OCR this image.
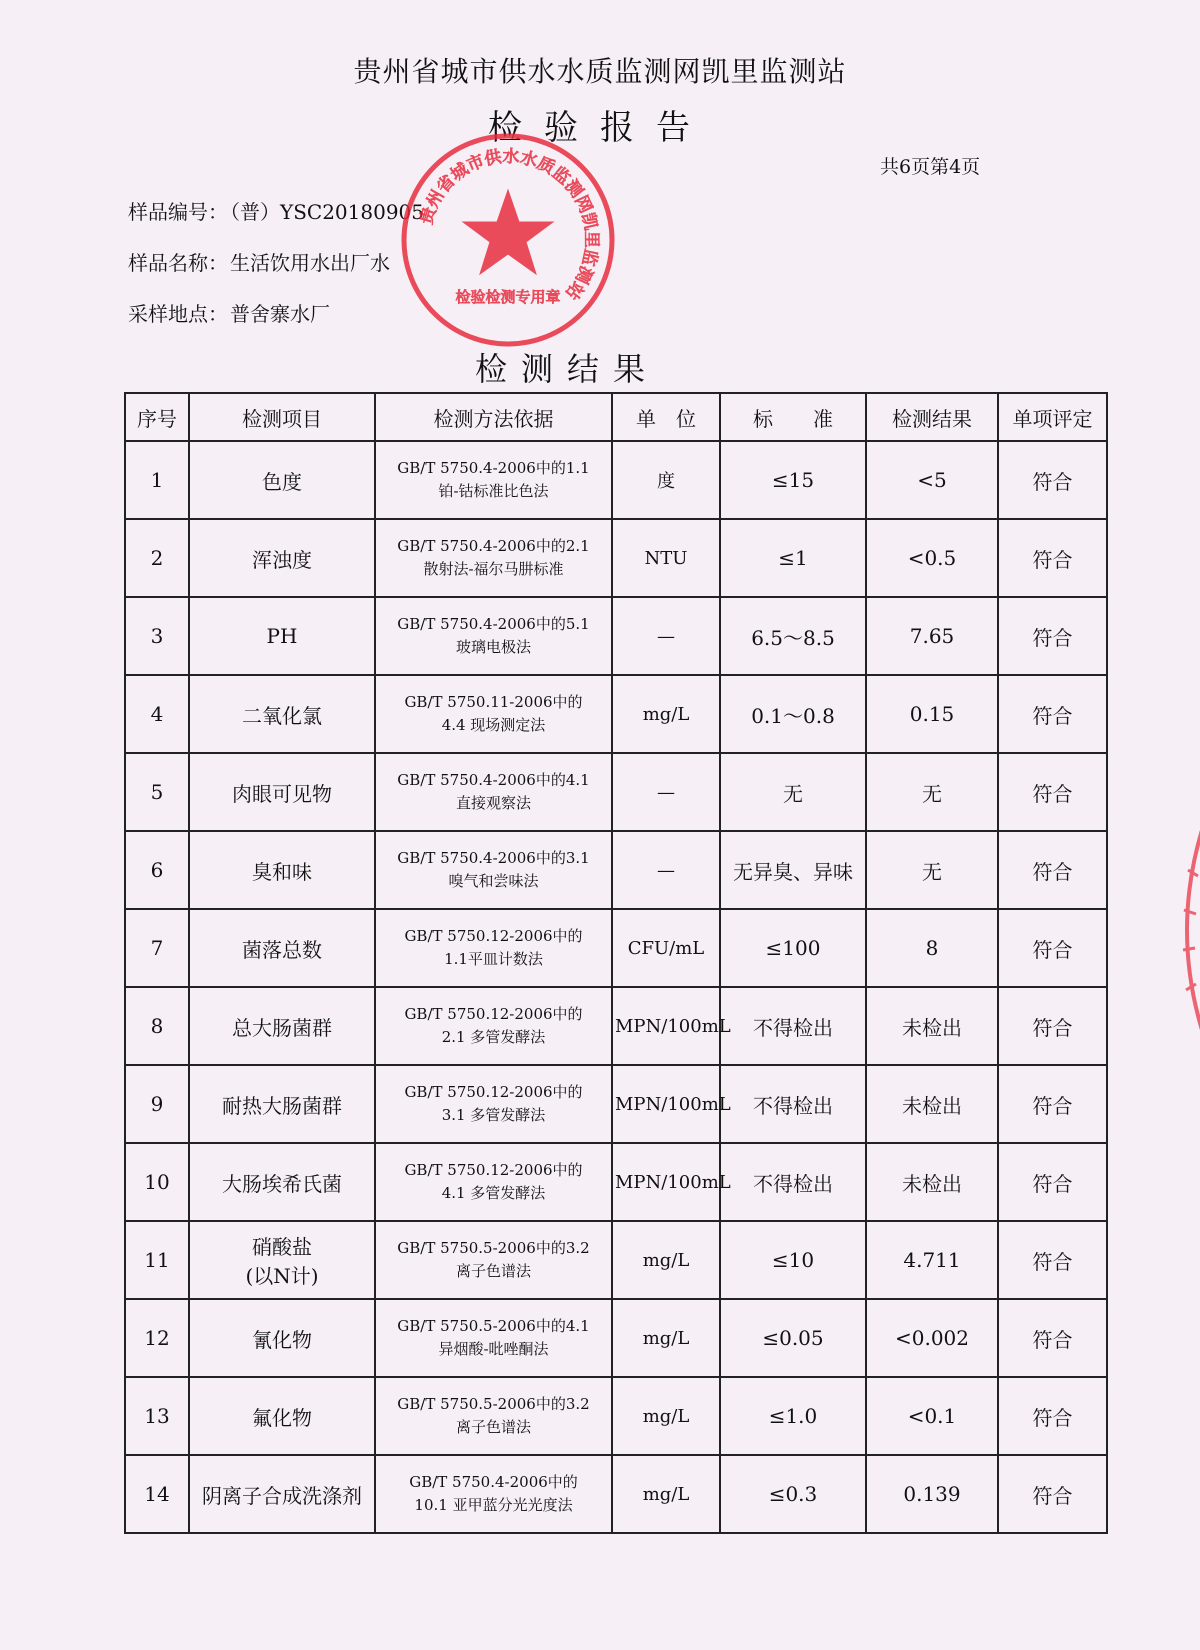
贵州省城市供水水质监测网凯里监测站
检验报告
共6页第4页
样品编号： （普）YSC20180905
样品名称： 生活饮用水出厂水
采样地点： 普舍寨水厂
检测结果
序号	检测项目	检测方法依据	单　位	标　　准	检测结果	单项评定
1	色度	GB/T 5750.4-2006中的1.1
铂-钴标准比色法	度	≤15	<5	符合
2	浑浊度	GB/T 5750.4-2006中的2.1
散射法-福尔马肼标准	NTU	≤1	<0.5	符合
3	PH	GB/T 5750.4-2006中的5.1
玻璃电极法	—	6.5～8.5	7.65	符合
4	二氧化氯	GB/T 5750.11-2006中的
4.4 现场测定法	mg/L	0.1～0.8	0.15	符合
5	肉眼可见物	GB/T 5750.4-2006中的4.1
直接观察法	—	无	无	符合
6	臭和味	GB/T 5750.4-2006中的3.1
嗅气和尝味法	—	无异臭、异味	无	符合
7	菌落总数	GB/T 5750.12-2006中的
1.1平皿计数法	CFU/mL	≤100	8	符合
8	总大肠菌群	GB/T 5750.12-2006中的
2.1 多管发酵法	MPN/100mL	不得检出	未检出	符合
9	耐热大肠菌群	GB/T 5750.12-2006中的
3.1 多管发酵法	MPN/100mL	不得检出	未检出	符合
10	大肠埃希氏菌	GB/T 5750.12-2006中的
4.1 多管发酵法	MPN/100mL	不得检出	未检出	符合
11	硝酸盐
(以N计)	GB/T 5750.5-2006中的3.2
离子色谱法	mg/L	≤10	4.711	符合
12	氰化物	GB/T 5750.5-2006中的4.1
异烟酸-吡唑酮法	mg/L	≤0.05	<0.002	符合
13	氟化物	GB/T 5750.5-2006中的3.2
离子色谱法	mg/L	≤1.0	<0.1	符合
14	阴离子合成洗涤剂	GB/T 5750.4-2006中的
10.1 亚甲蓝分光光度法	mg/L	≤0.3	0.139	符合
贵州省城市供水水质监测网凯里监测站
检验检测专用章
